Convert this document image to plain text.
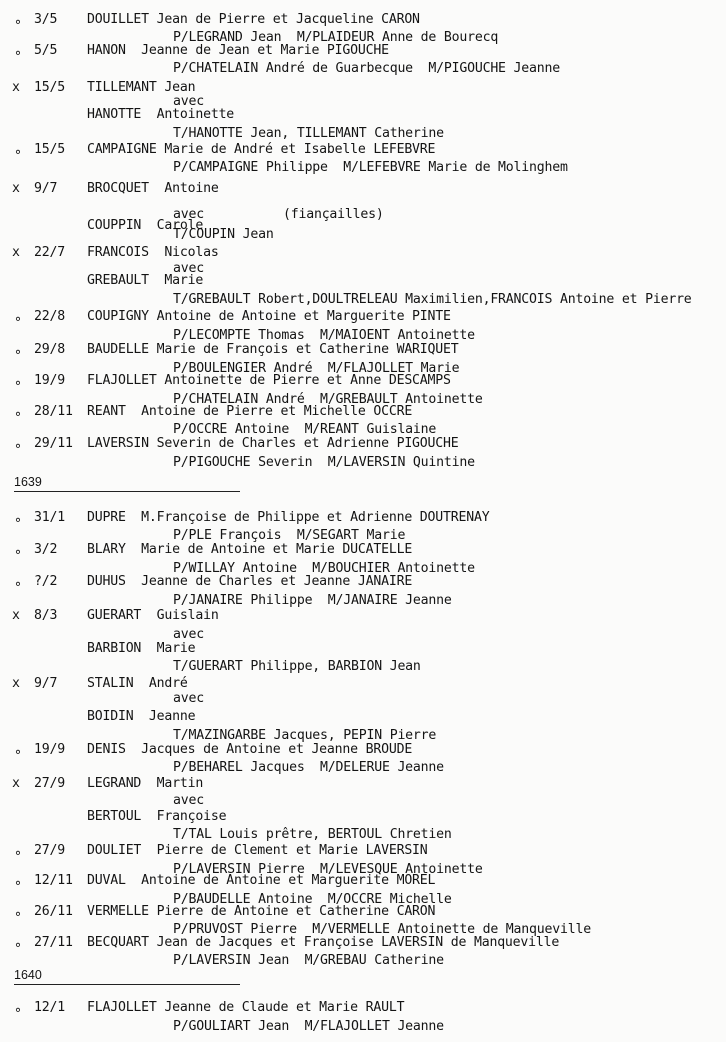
∘ 3/5 DOUILLET Jean de Pierre et Jacqueline CARON
P/LEGRAND Jean  M/PLAIDEUR Anne de Bourecq
∘ 5/5 HANON  Jeanne de Jean et Marie PIGOUCHE
P/CHATELAIN André de Guarbecque  M/PIGOUCHE Jeanne
x 15/5 TILLEMANT Jean
avec
HANOTTE  Antoinette
T/HANOTTE Jean, TILLEMANT Catherine
∘ 15/5 CAMPAIGNE Marie de André et Isabelle LEFEBVRE
P/CAMPAIGNE Philippe  M/LEFEBVRE Marie de Molinghem
x 9/7 BROCQUET  Antoine
avec
COUPPIN  Carole
T/COUPIN Jean
(fiançailles)
x 22/7 FRANCOIS  Nicolas
avec
GREBAULT  Marie
T/GREBAULT Robert,DOULTRELEAU Maximilien,FRANCOIS Antoine et Pierre
∘ 22/8 COUPIGNY Antoine de Antoine et Marguerite PINTE
P/LECOMPTE Thomas  M/MAIOENT Antoinette
∘ 29/8 BAUDELLE Marie de François et Catherine WARIQUET
P/BOULENGIER André  M/FLAJOLLET Marie
∘ 19/9 FLAJOLLET Antoinette de Pierre et Anne DESCAMPS
P/CHATELAIN André  M/GREBAULT Antoinette
∘ 28/11 REANT  Antoine de Pierre et Michelle OCCRE
P/OCCRE Antoine  M/REANT Guislaine
∘ 29/11 LAVERSIN Severin de Charles et Adrienne PIGOUCHE
P/PIGOUCHE Severin  M/LAVERSIN Quintine
1639
∘ 31/1 DUPRE  M.Françoise de Philippe et Adrienne DOUTRENAY
P/PLE François  M/SEGART Marie
∘ 3/2 BLARY  Marie de Antoine et Marie DUCATELLE
P/WILLAY Antoine  M/BOUCHIER Antoinette
∘ ?/2 DUHUS  Jeanne de Charles et Jeanne JANAIRE
P/JANAIRE Philippe  M/JANAIRE Jeanne
x 8/3 GUERART  Guislain
avec
BARBION  Marie
T/GUERART Philippe, BARBION Jean
x 9/7 STALIN  André
avec
BOIDIN  Jeanne
T/MAZINGARBE Jacques, PEPIN Pierre
∘ 19/9 DENIS  Jacques de Antoine et Jeanne BROUDE
P/BEHAREL Jacques  M/DELERUE Jeanne
x 27/9 LEGRAND  Martin
avec
BERTOUL  Françoise
T/TAL Louis prêtre, BERTOUL Chretien
∘ 27/9 DOULIET  Pierre de Clement et Marie LAVERSIN
P/LAVERSIN Pierre  M/LEVESQUE Antoinette
∘ 12/11 DUVAL  Antoine de Antoine et Marguerite MOREL
P/BAUDELLE Antoine  M/OCCRE Michelle
∘ 26/11 VERMELLE Pierre de Antoine et Catherine CARON
P/PRUVOST Pierre  M/VERMELLE Antoinette de Manqueville
∘ 27/11 BECQUART Jean de Jacques et Françoise LAVERSIN de Manqueville
P/LAVERSIN Jean  M/GREBAU Catherine
1640
∘ 12/1 FLAJOLLET Jeanne de Claude et Marie RAULT
P/GOULIART Jean  M/FLAJOLLET Jeanne
